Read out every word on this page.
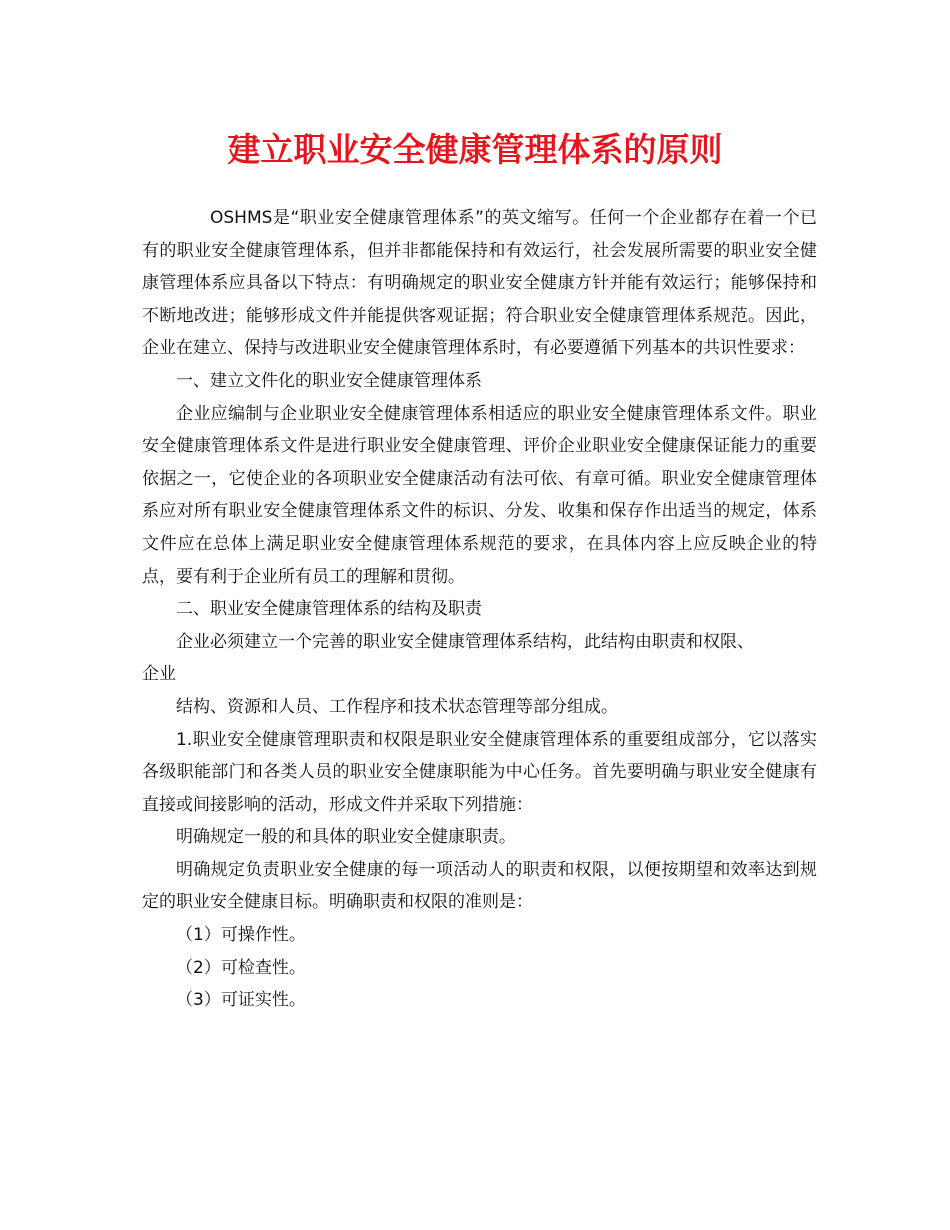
建立职业安全健康管理体系的原则

OSHMS是“职业安全健康管理体系”的英文缩写。任何一个企业都存在着一个已有的职业安全健康管理体系，但并非都能保持和有效运行，社会发展所需要的职业安全健康管理体系应具备以下特点：有明确规定的职业安全健康方针并能有效运行；能够保持和不断地改进；能够形成文件并能提供客观证据；符合职业安全健康管理体系规范。因此，企业在建立、保持与改进职业安全健康管理体系时，有必要遵循下列基本的共识性要求：

一、建立文件化的职业安全健康管理体系

企业应编制与企业职业安全健康管理体系相适应的职业安全健康管理体系文件。职业安全健康管理体系文件是进行职业安全健康管理、评价企业职业安全健康保证能力的重要依据之一，它使企业的各项职业安全健康活动有法可依、有章可循。职业安全健康管理体系应对所有职业安全健康管理体系文件的标识、分发、收集和保存作出适当的规定，体系文件应在总体上满足职业安全健康管理体系规范的要求，在具体内容上应反映企业的特点，要有利于企业所有员工的理解和贯彻。

二、职业安全健康管理体系的结构及职责

企业必须建立一个完善的职业安全健康管理体系结构，此结构由职责和权限、

企业

结构、资源和人员、工作程序和技术状态管理等部分组成。

1.职业安全健康管理职责和权限是职业安全健康管理体系的重要组成部分，它以落实各级职能部门和各类人员的职业安全健康职能为中心任务。首先要明确与职业安全健康有直接或间接影响的活动，形成文件并采取下列措施：

明确规定一般的和具体的职业安全健康职责。

明确规定负责职业安全健康的每一项活动人的职责和权限，以便按期望和效率达到规定的职业安全健康目标。明确职责和权限的准则是：

（1）可操作性。

（2）可检查性。

（3）可证实性。
